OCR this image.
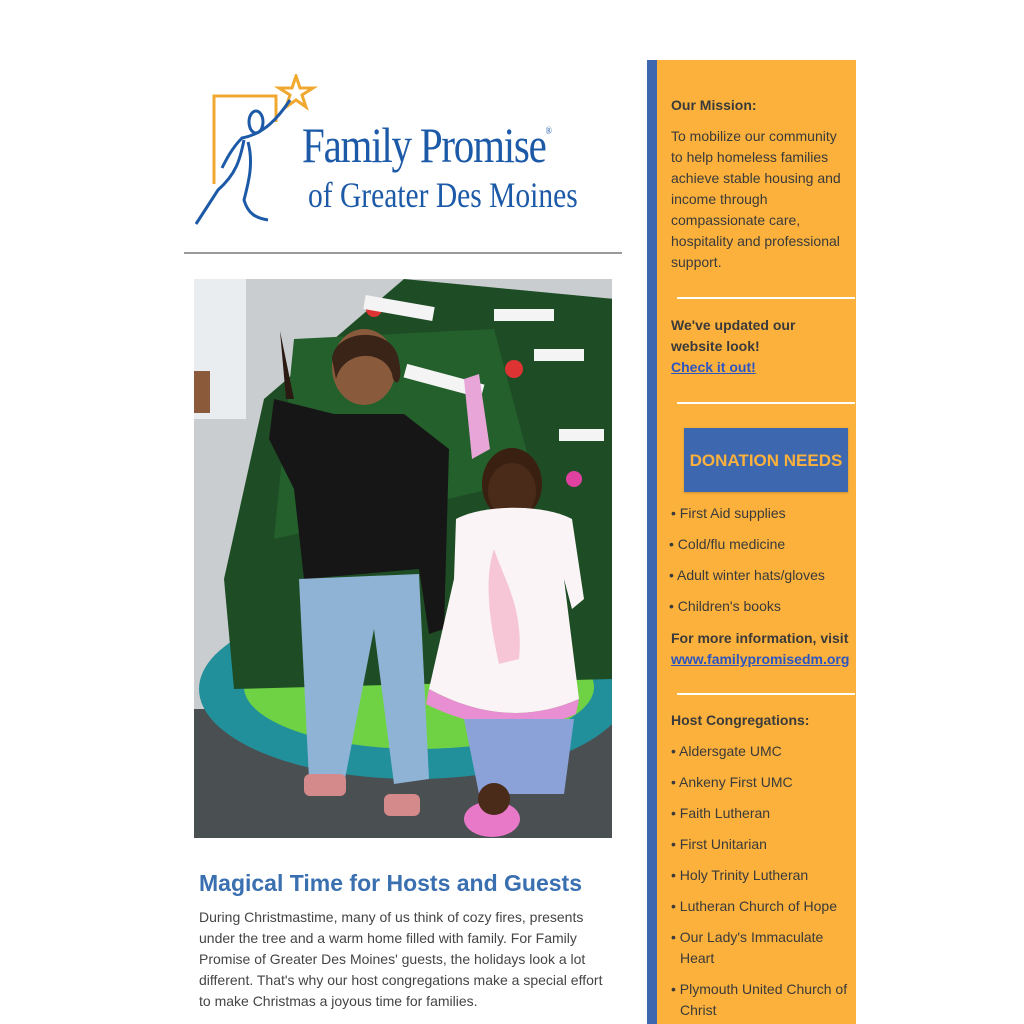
Family Promise®
of Greater Des Moines
Magical Time for Hosts and Guests

During Christmastime, many of us think of cozy fires, presents under the tree and a warm home filled with family. For Family Promise of Greater Des Moines' guests, the holidays look a lot different. That's why our host congregations make a special effort to make Christmas a joyous time for families.

Our Mission:

To mobilize our community to help homeless families achieve stable housing and income through compassionate care, hospitality and professional support.

We've updated our website look!
Check it out!
• First Aid supplies
• Cold/flu medicine
• Adult winter hats/gloves
• Children's books
For more information, visit
www.familypromisedm.org
Host Congregations:
• Aldersgate UMC
• Ankeny First UMC
• Faith Lutheran
• First Unitarian
• Holy Trinity Lutheran
• Lutheran Church of Hope
• Our Lady's Immaculate Heart
• Plymouth United Church of Christ
DONATION NEEDS
